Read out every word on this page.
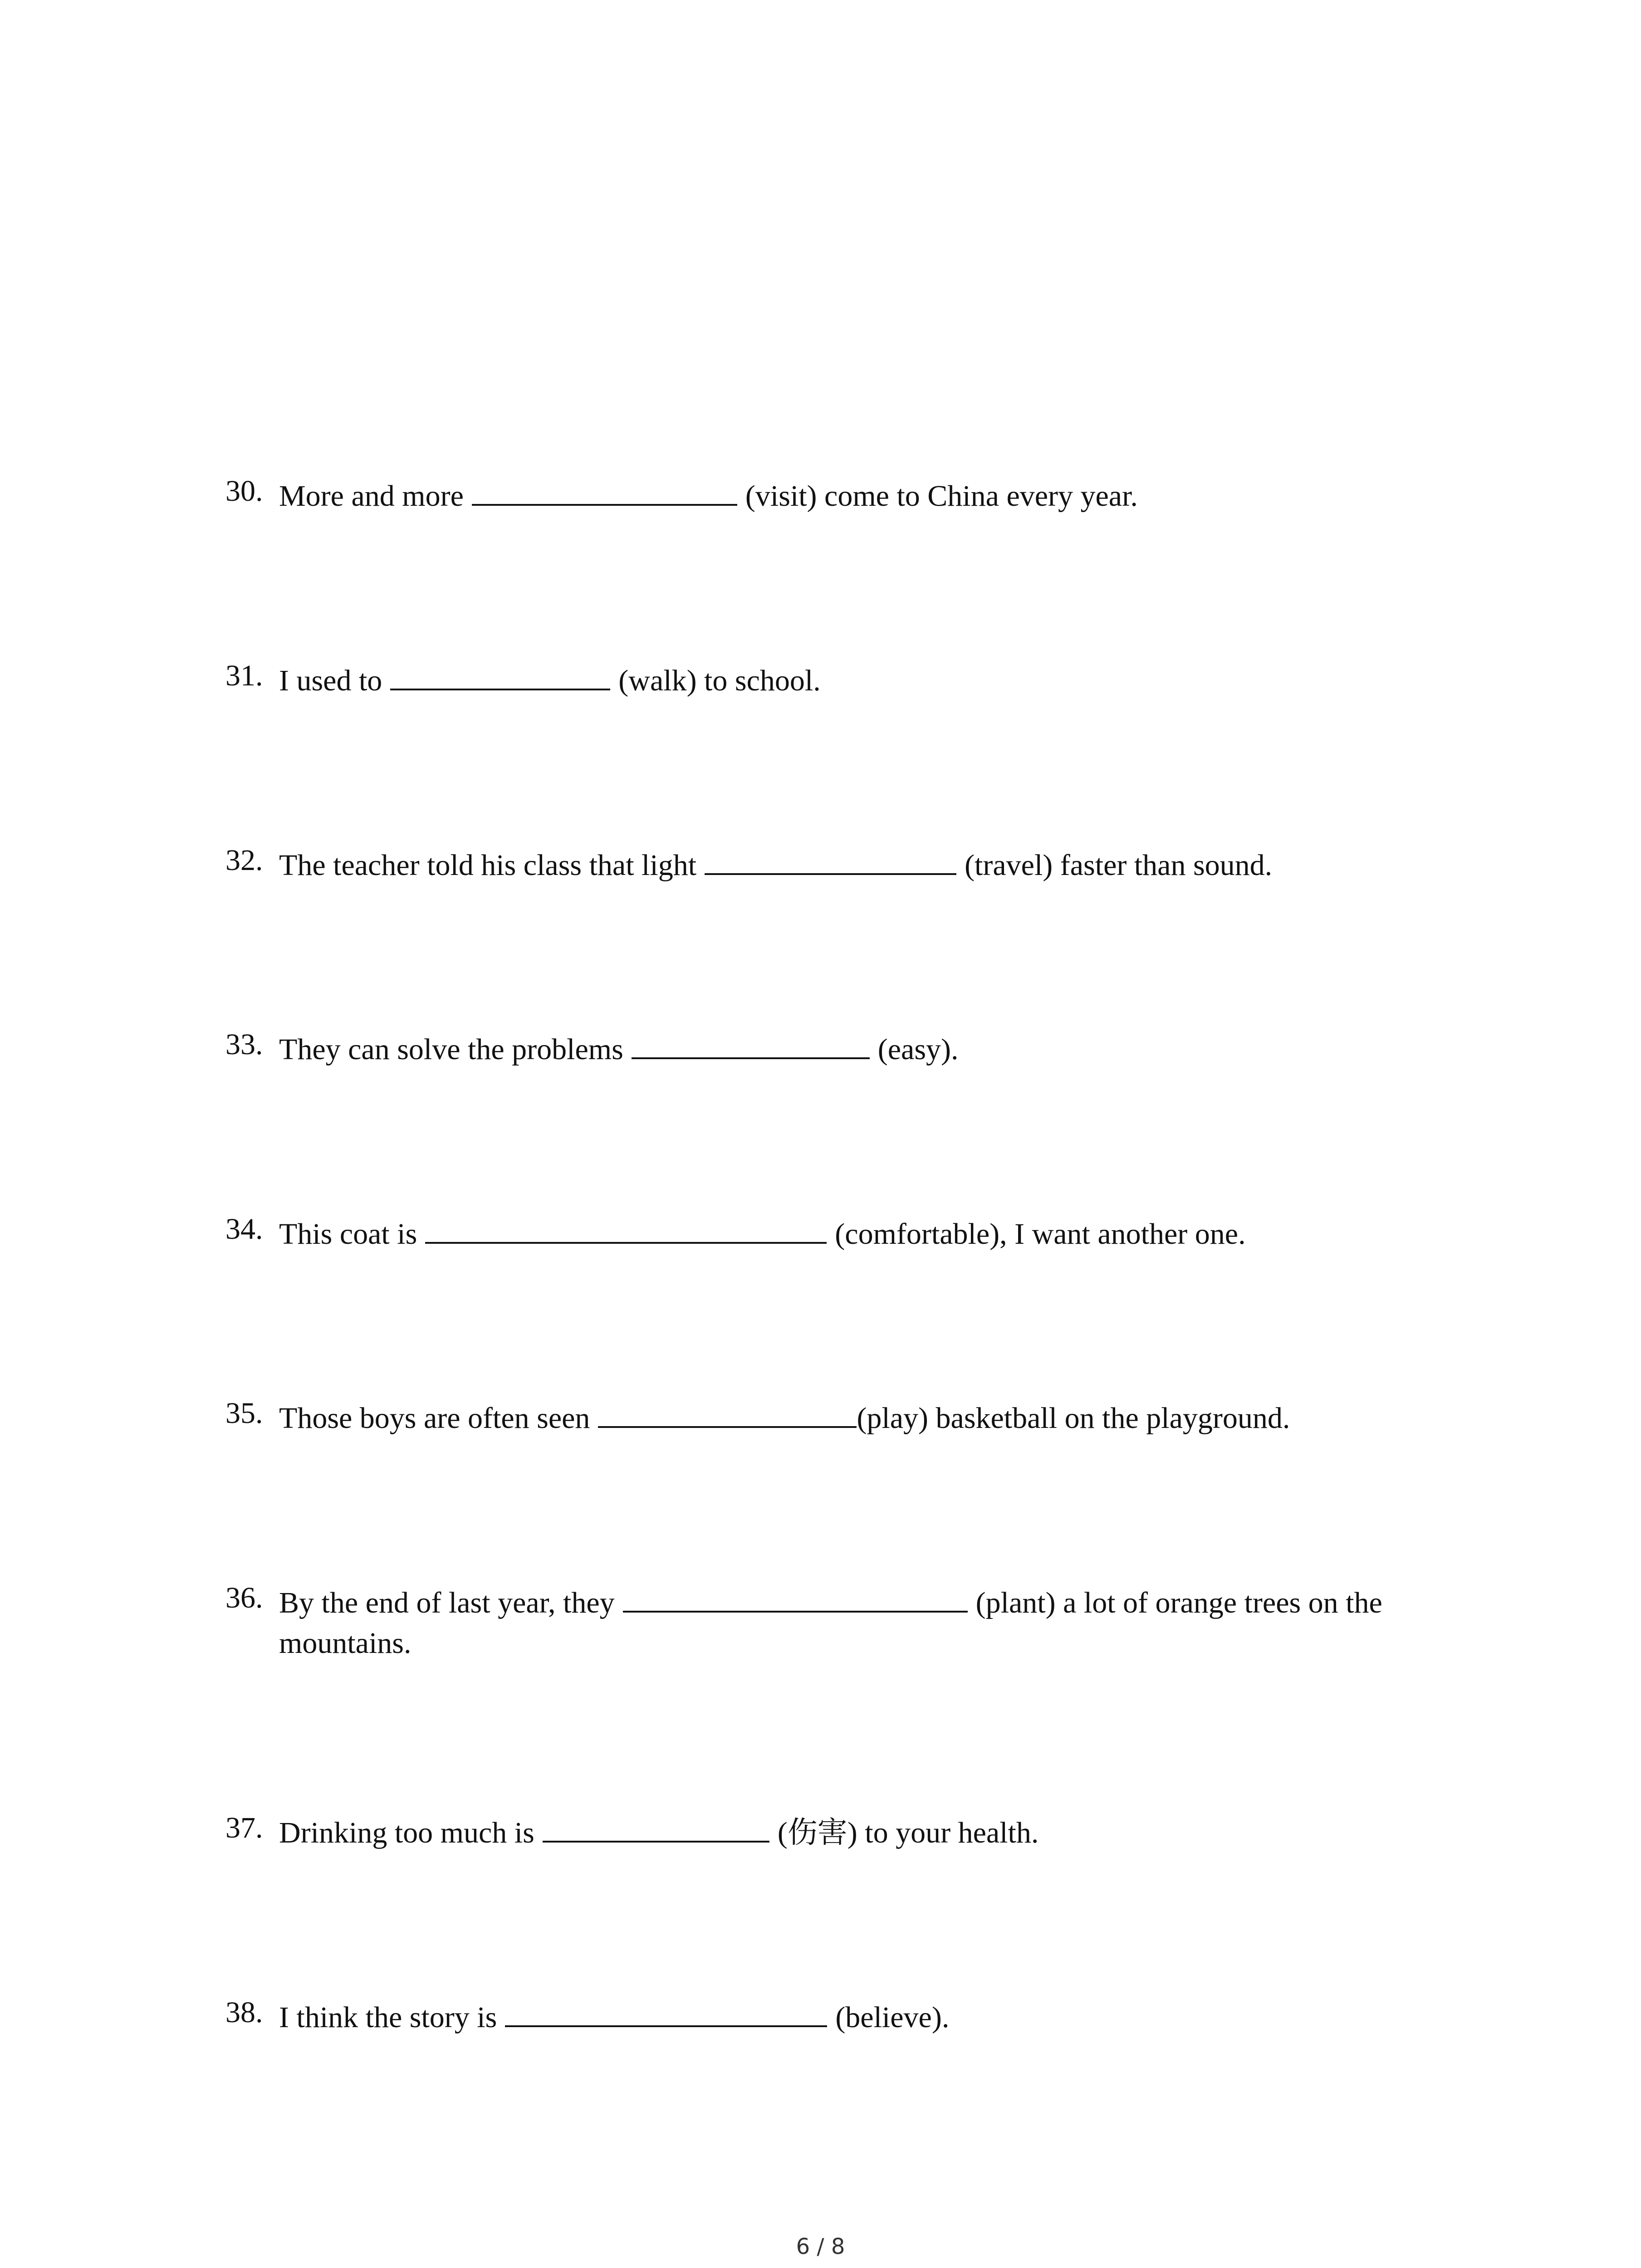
30. More and more	(visit) come to China every year.
31. I used to	(walk) to school.
32. The teacher told his class that light	(travel) faster than sound.
33. They can solve the problems	(easy).
34. This coat is	(comfortable), I want another one.
35. Those boys are often seen	(play) basketball on the playground.
36. By the end of last year, they	(plant) a lot of orange trees on the
mountains.
37. Drinking too much is	(伤害) to your health.
38. I think the story is	(believe).
6 / 8
